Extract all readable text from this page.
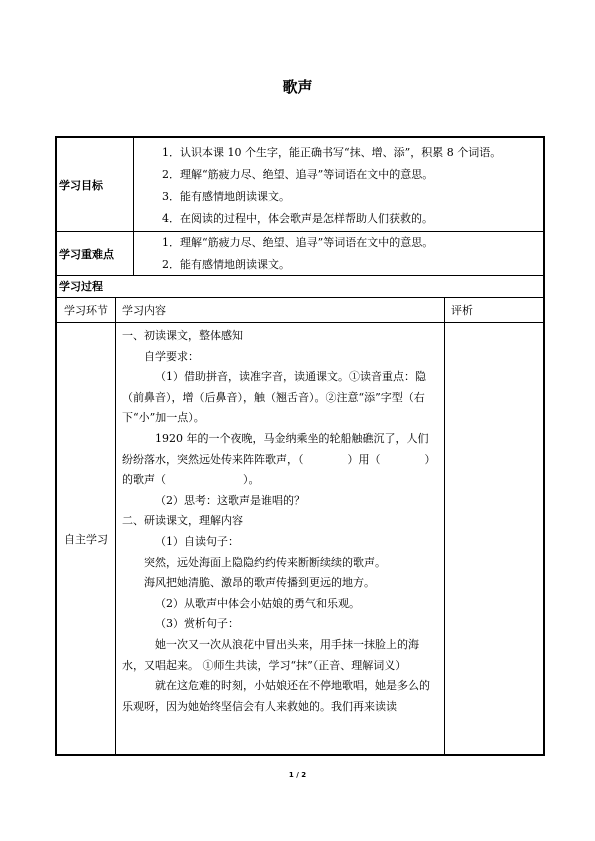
歌声
学习目标
1．认识本课 10 个生字，能正确书写“抹、增、添”，积累 8 个词语。
2．理解“筋疲力尽、绝望、追寻”等词语在文中的意思。
3．能有感情地朗读课文。
4．在阅读的过程中，体会歌声是怎样帮助人们获救的。
学习重难点
1．理解“筋疲力尽、绝望、追寻”等词语在文中的意思。
2．能有感情地朗读课文。
学习过程
学习环节	学习内容	评析
自主学习

一、初读课文，整体感知

自学要求：

（1）借助拼音，读准字音，读通课文。①读音重点：隐（前鼻音），增（后鼻音），触（翘舌音）。②注意“添”字型（右下“小”加一点）。

1920 年的一个夜晚，马金纳乘坐的轮船触礁沉了，人们纷纷落水，突然远处传来阵阵歌声，（　　　　）用（　　　　）的歌声（　　　　　　　）。

（2）思考：这歌声是谁唱的？

二、研读课文，理解内容

（1）自读句子：

突然，远处海面上隐隐约约传来断断续续的歌声。

海风把她清脆、激昂的歌声传播到更远的地方。

（2）从歌声中体会小姑娘的勇气和乐观。

（3）赏析句子：

她一次又一次从浪花中冒出头来，用手抹一抹脸上的海水，又唱起来。 ①师生共读，学习“抹”（正音、理解词义）

就在这危难的时刻，小姑娘还在不停地歌唱，她是多么的乐观呀，因为她始终坚信会有人来救她的。我们再来读读

1 / 2
